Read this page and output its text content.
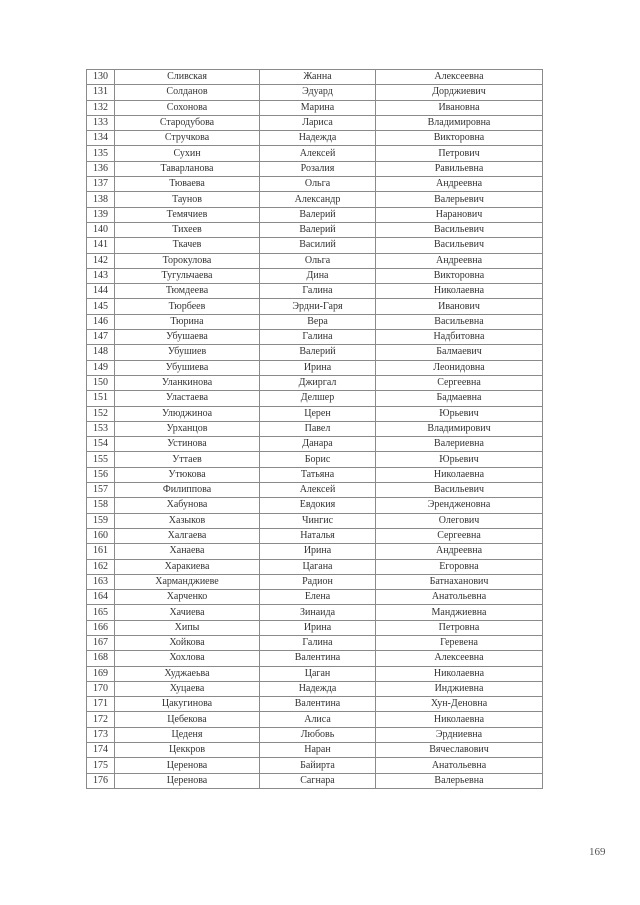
130	Сливская	Жанна	Алексеевна
131	Солданов	Эдуард	Дорджиевич
132	Сохонова	Марина	Ивановна
133	Стародубова	Лариса	Владимировна
134	Стручкова	Надежда	Викторовна
135	Сухин	Алексей	Петрович
136	Таварланова	Розалия	Равильевна
137	Тюваева	Ольга	Андреевна
138	Таунов	Александр	Валерьевич
139	Темячиев	Валерий	Наранович
140	Тихеев	Валерий	Васильевич
141	Ткачев	Василий	Васильевич
142	Торокулова	Ольга	Андреевна
143	Тугульчаева	Дина	Викторовна
144	Тюмдеева	Галина	Николаевна
145	Тюрбеев	Эрдни-Гаря	Иванович
146	Тюрина	Вера	Васильевна
147	Убушаева	Галина	Надбитовна
148	Убушиев	Валерий	Балмаевич
149	Убушиева	Ирина	Леонидовна
150	Уланкинова	Джиргал	Сергеевна
151	Уластаева	Делшер	Бадмаевна
152	Улюджиноа	Церен	Юрьевич
153	Урханцов	Павел	Владимирович
154	Устинова	Данара	Валериевна
155	Уттаев	Борис	Юрьевич
156	Утюкова	Татьяна	Николаевна
157	Филиппова	Алексей	Васильевич
158	Хабунова	Евдокия	Эрендженовна
159	Хазыков	Чингис	Олегович
160	Халгаева	Наталья	Сергеевна
161	Ханаева	Ирина	Андреевна
162	Харакиева	Цагана	Егоровна
163	Харманджиеве	Радион	Батнаханович
164	Харченко	Елена	Анатольевна
165	Хачиева	Зинаида	Манджиевна
166	Хипы	Ирина	Петровна
167	Хойкова	Галина	Геревена
168	Хохлова	Валентина	Алексеевна
169	Худжаеьва	Цаган	Николаевна
170	Хуцаева	Надежда	Инджиевна
171	Цакугинова	Валентина	Хун-Деновна
172	Цебекова	Алиса	Николаевна
173	Цеденя	Любовь	Эрдниевна
174	Цеккров	Наран	Вячеславович
175	Церенова	Байирта	Анатольевна
176	Церенова	Сагнара	Валерьевна
169
